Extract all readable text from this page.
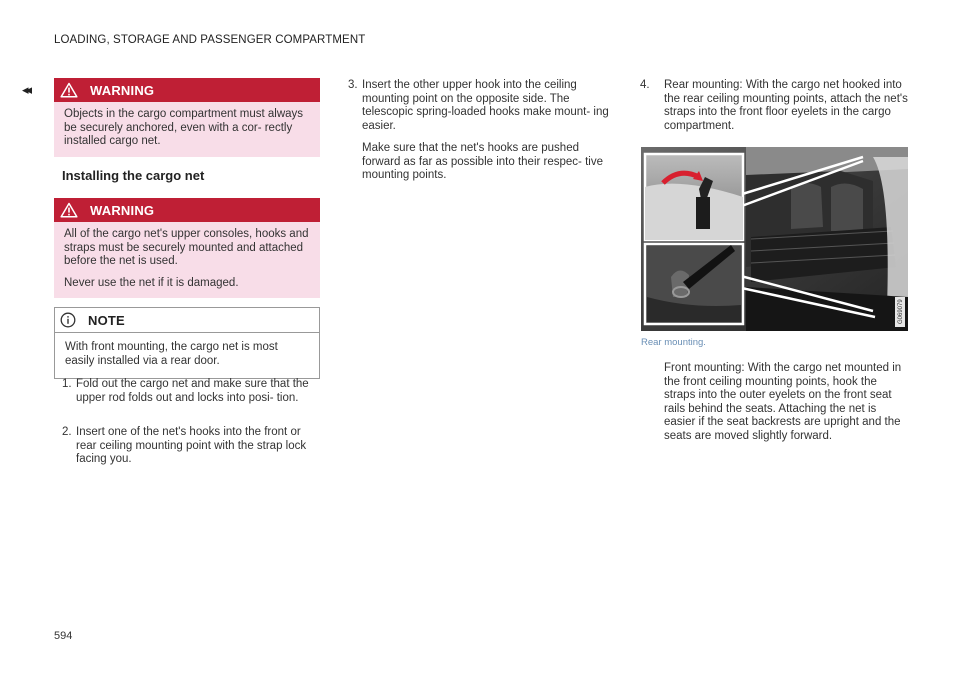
LOADING, STORAGE AND PASSENGER COMPARTMENT
◂◂	WARNING

Objects in the cargo compartment must always be securely anchored, even with a cor- rectly installed cargo net.

Installing the cargo net
WARNING

All of the cargo net's upper consoles, hooks and straps must be securely mounted and attached before the net is used.

Never use the net if it is damaged.

NOTE

With front mounting, the cargo net is most easily installed via a rear door.

1. Fold out the cargo net and make sure that the upper rod folds out and locks into posi- tion.

2. Insert one of the net's hooks into the front or rear ceiling mounting point with the strap lock facing you.

3. Insert the other upper hook into the ceiling mounting point on the opposite side. The telescopic spring-loaded hooks make mount- ing easier.

Make sure that the net's hooks are pushed forward as far as possible into their respec- tive mounting points.

4. Rear mounting: With the cargo net hooked into the rear ceiling mounting points, attach the net's straps into the front floor eyelets in the cargo compartment.

Front mounting: With the cargo net mounted in the front ceiling mounting points, hook the straps into the outer eyelets on the front seat rails behind the seats. Attaching the net is easier if the seat backrests are upright and the seats are moved slightly forward.

G069079
Rear mounting.
594
